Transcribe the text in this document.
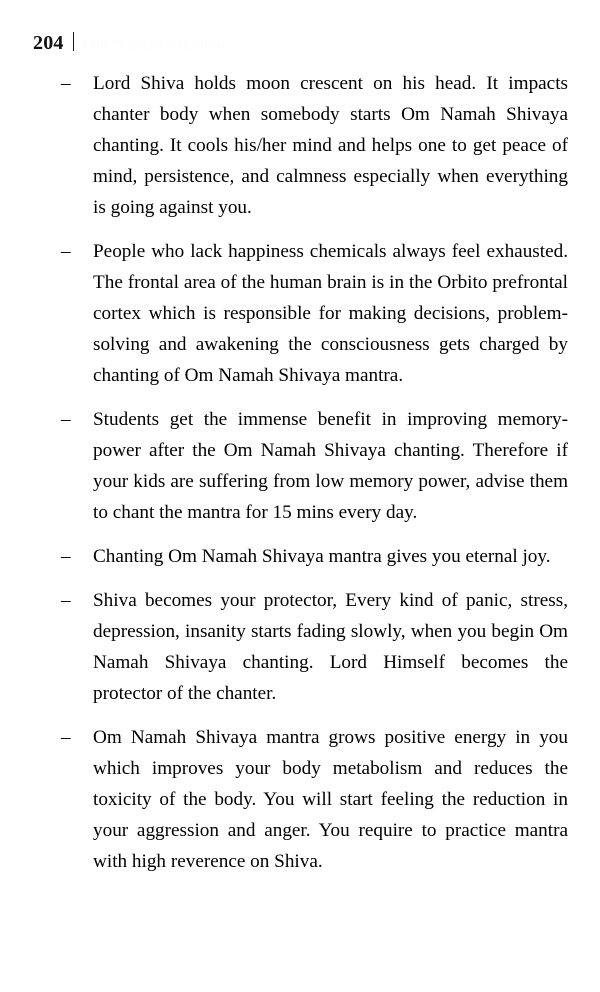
204 Om Namah Shivaya
– Lord Shiva holds moon crescent on his head. It impacts chanter body when somebody starts Om Namah Shivaya chanting. It cools his/her mind and helps one to get peace of mind, persistence, and calmness especially when everything is going against you.
– People who lack happiness chemicals always feel exhausted. The frontal area of the human brain is in the Orbito prefrontal cortex which is responsible for making decisions, problem-solving and awakening the consciousness gets charged by chanting of Om Namah Shivaya mantra.
– Students get the immense benefit in improving memory-power after the Om Namah Shivaya chanting. Therefore if your kids are suffering from low memory power, advise them to chant the mantra for 15 mins every day.
– Chanting Om Namah Shivaya mantra gives you eternal joy.
– Shiva becomes your protector, Every kind of panic, stress, depression, insanity starts fading slowly, when you begin Om Namah Shivaya chanting. Lord Himself becomes the protector of the chanter.
– Om Namah Shivaya mantra grows positive energy in you which improves your body metabolism and reduces the toxicity of the body. You will start feeling the reduction in your aggression and anger. You require to practice mantra with high reverence on Shiva.
